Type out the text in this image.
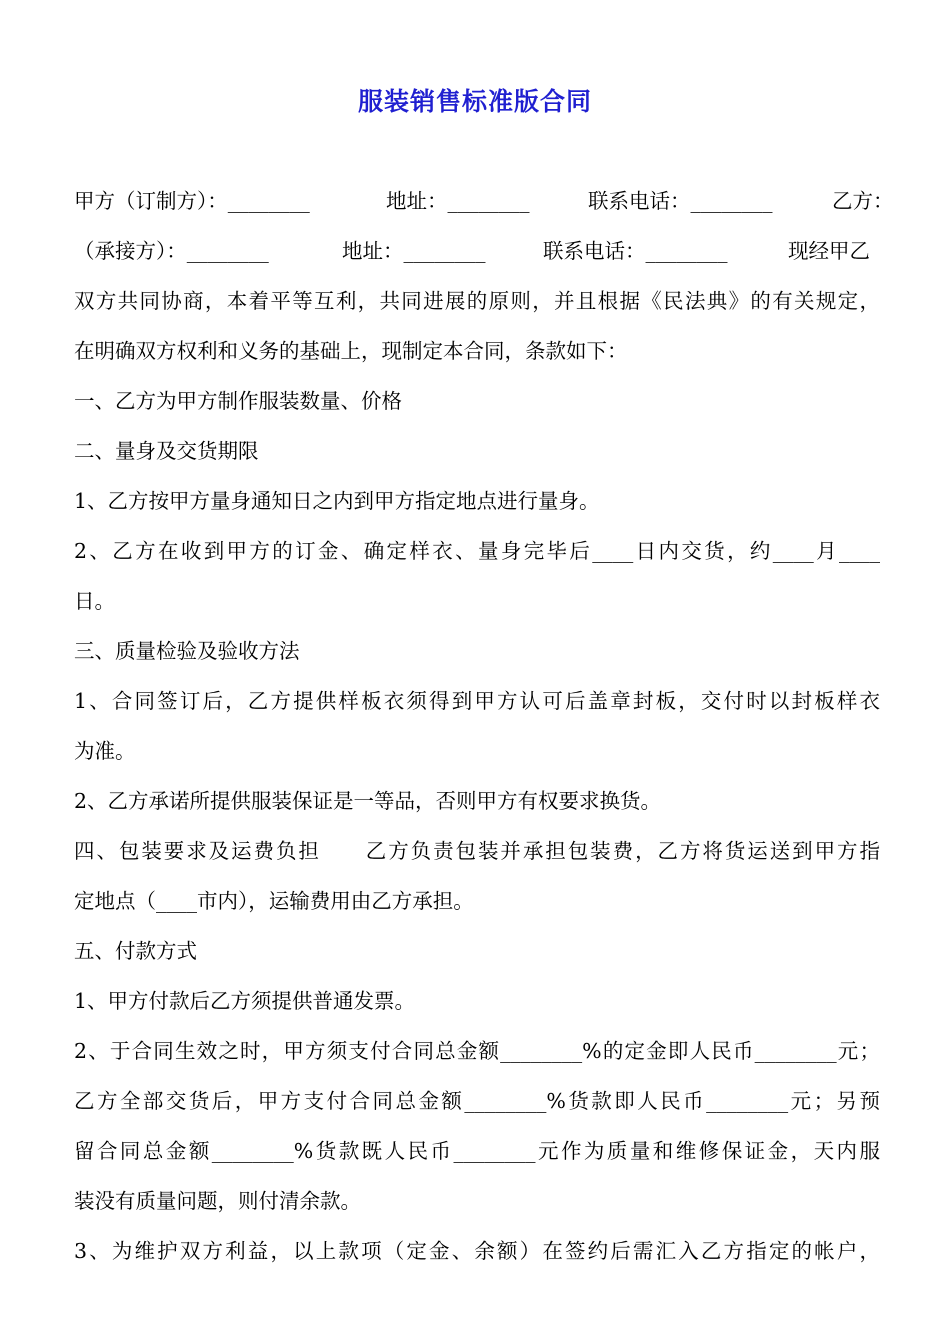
服装销售标准版合同
甲方（订制方）：________	地址：________	联系电话：________	乙方：
（承接方）：________	地址：________	联系电话：________	现经甲乙
双方共同协商，本着平等互利，共同进展的原则，并且根据《民法典》的有关规定，
在明确双方权利和义务的基础上，现制定本合同，条款如下：
一、乙方为甲方制作服装数量、价格
二、量身及交货期限
1、乙方按甲方量身通知日之内到甲方指定地点进行量身。
2、乙方在收到甲方的订金、确定样衣、量身完毕后____日内交货，约____月____
日。
三、质量检验及验收方法
1、合同签订后，乙方提供样板衣须得到甲方认可后盖章封板，交付时以封板样衣
为准。
2、乙方承诺所提供服装保证是一等品，否则甲方有权要求换货。
四、包装要求及运费负担　　乙方负责包装并承担包装费，乙方将货运送到甲方指
定地点（____市内），运输费用由乙方承担。
五、付款方式
1、甲方付款后乙方须提供普通发票。
2、于合同生效之时，甲方须支付合同总金额________%的定金即人民币________元；
乙方全部交货后，甲方支付合同总金额________%货款即人民币________元；另预
留合同总金额________%货款既人民币________元作为质量和维修保证金，天内服
装没有质量问题，则付清余款。
3、为维护双方利益，以上款项（定金、余额）在签约后需汇入乙方指定的帐户，
